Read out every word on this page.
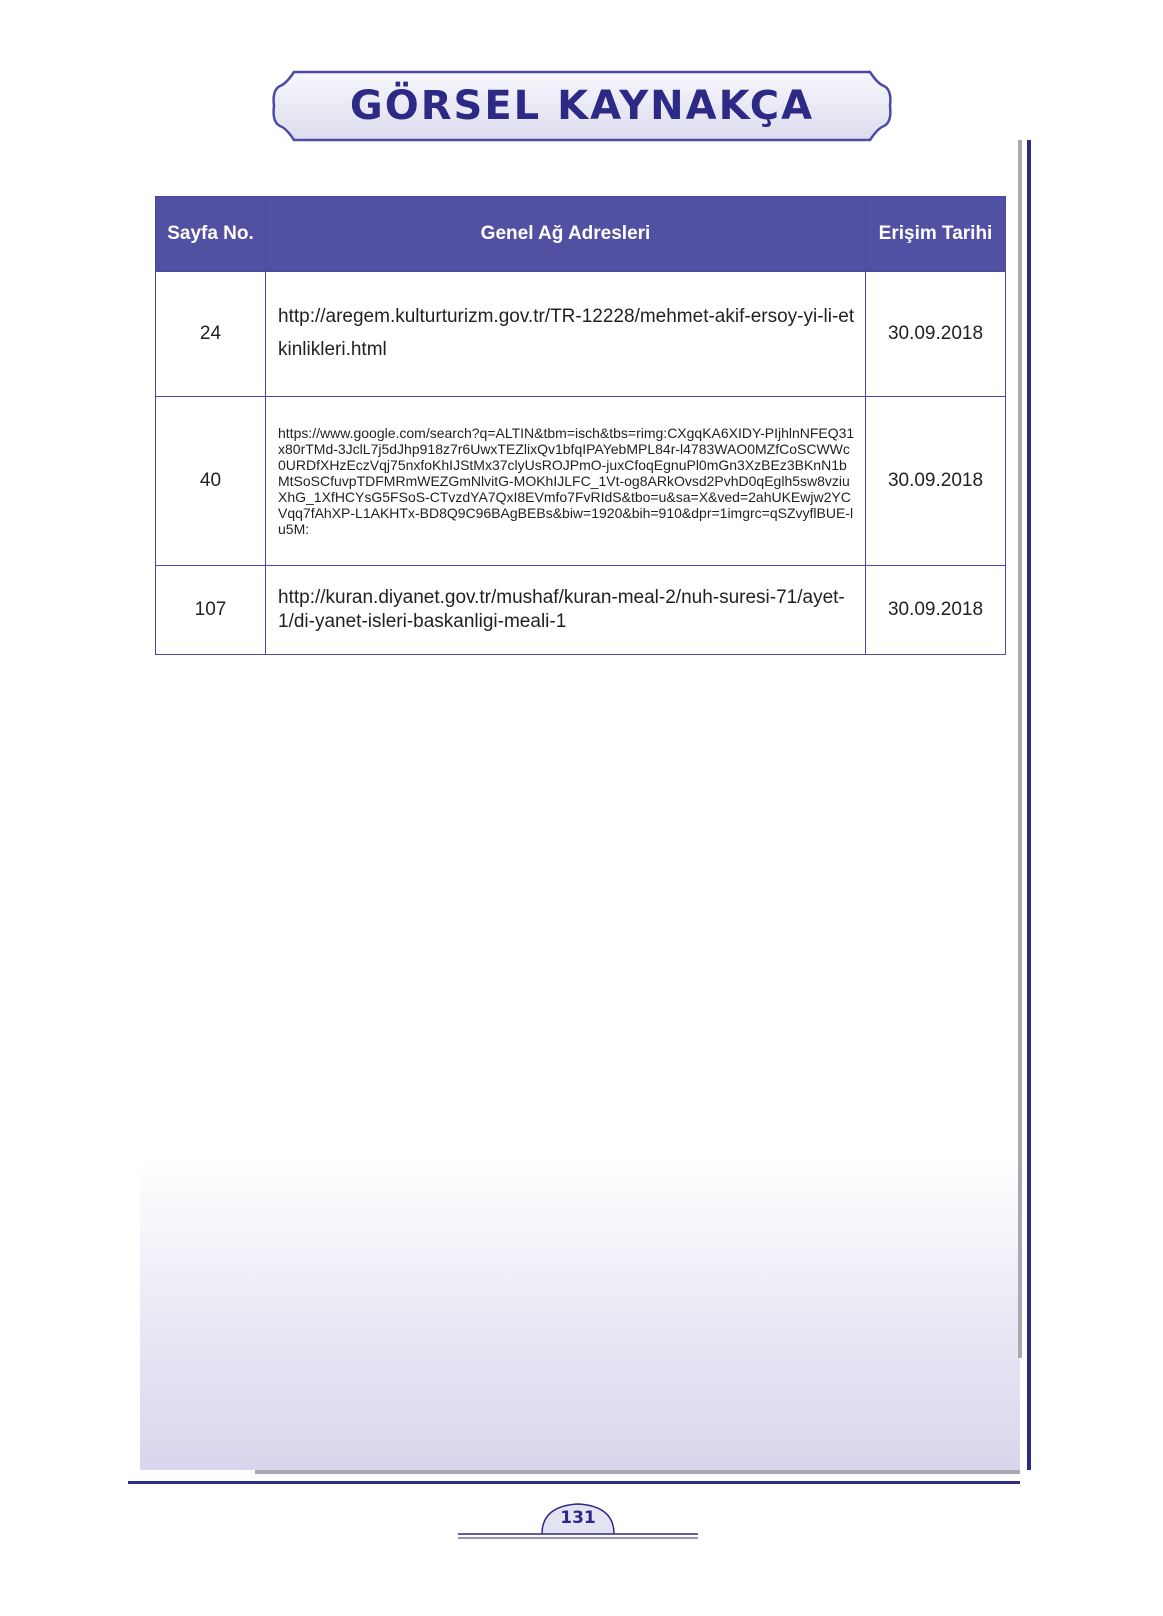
GÖRSEL KAYNAKÇA
Sayfa No.	Genel Ağ Adresleri	Erişim Tarihi
24	http://aregem.kulturturizm.gov.tr/TR-12228/mehmet-akif-ersoy-yi-li-etkinlikleri.html	30.09.2018
40	https://www.google.com/search?q=ALTIN&tbm=isch&tbs=rimg:CXgqKA6XIDY-PIjhlnNFEQ31x80rTMd-3JclL7j5dJhp918z7r6UwxTEZlixQv1bfqIPAYebMPL84r-l4783WAO0MZfCoSCWWc0URDfXHzEczVqj75nxfoKhIJStMx37clyUsROJPmO-juxCfoqEgnuPl0mGn3XzBEz3BKnN1bMtSoSCfuvpTDFMRmWEZGmNlvitG-MOKhIJLFC_1Vt-og8ARkOvsd2PvhD0qEglh5sw8vziuXhG_1XfHCYsG5FSoS-CTvzdYA7QxI8EVmfo7FvRIdS&tbo=u&sa=X&ved=2ahUKEwjw2YCVqq7fAhXP-L1AKHTx-BD8Q9C96BAgBEBs&biw=1920&bih=910&dpr=1imgrc=qSZvyflBUE-lu5M:	30.09.2018
107	http://kuran.diyanet.gov.tr/mushaf/kuran-meal-2/nuh-suresi-71/ayet-1/di-yanet-isleri-baskanligi-meali-1	30.09.2018
131
